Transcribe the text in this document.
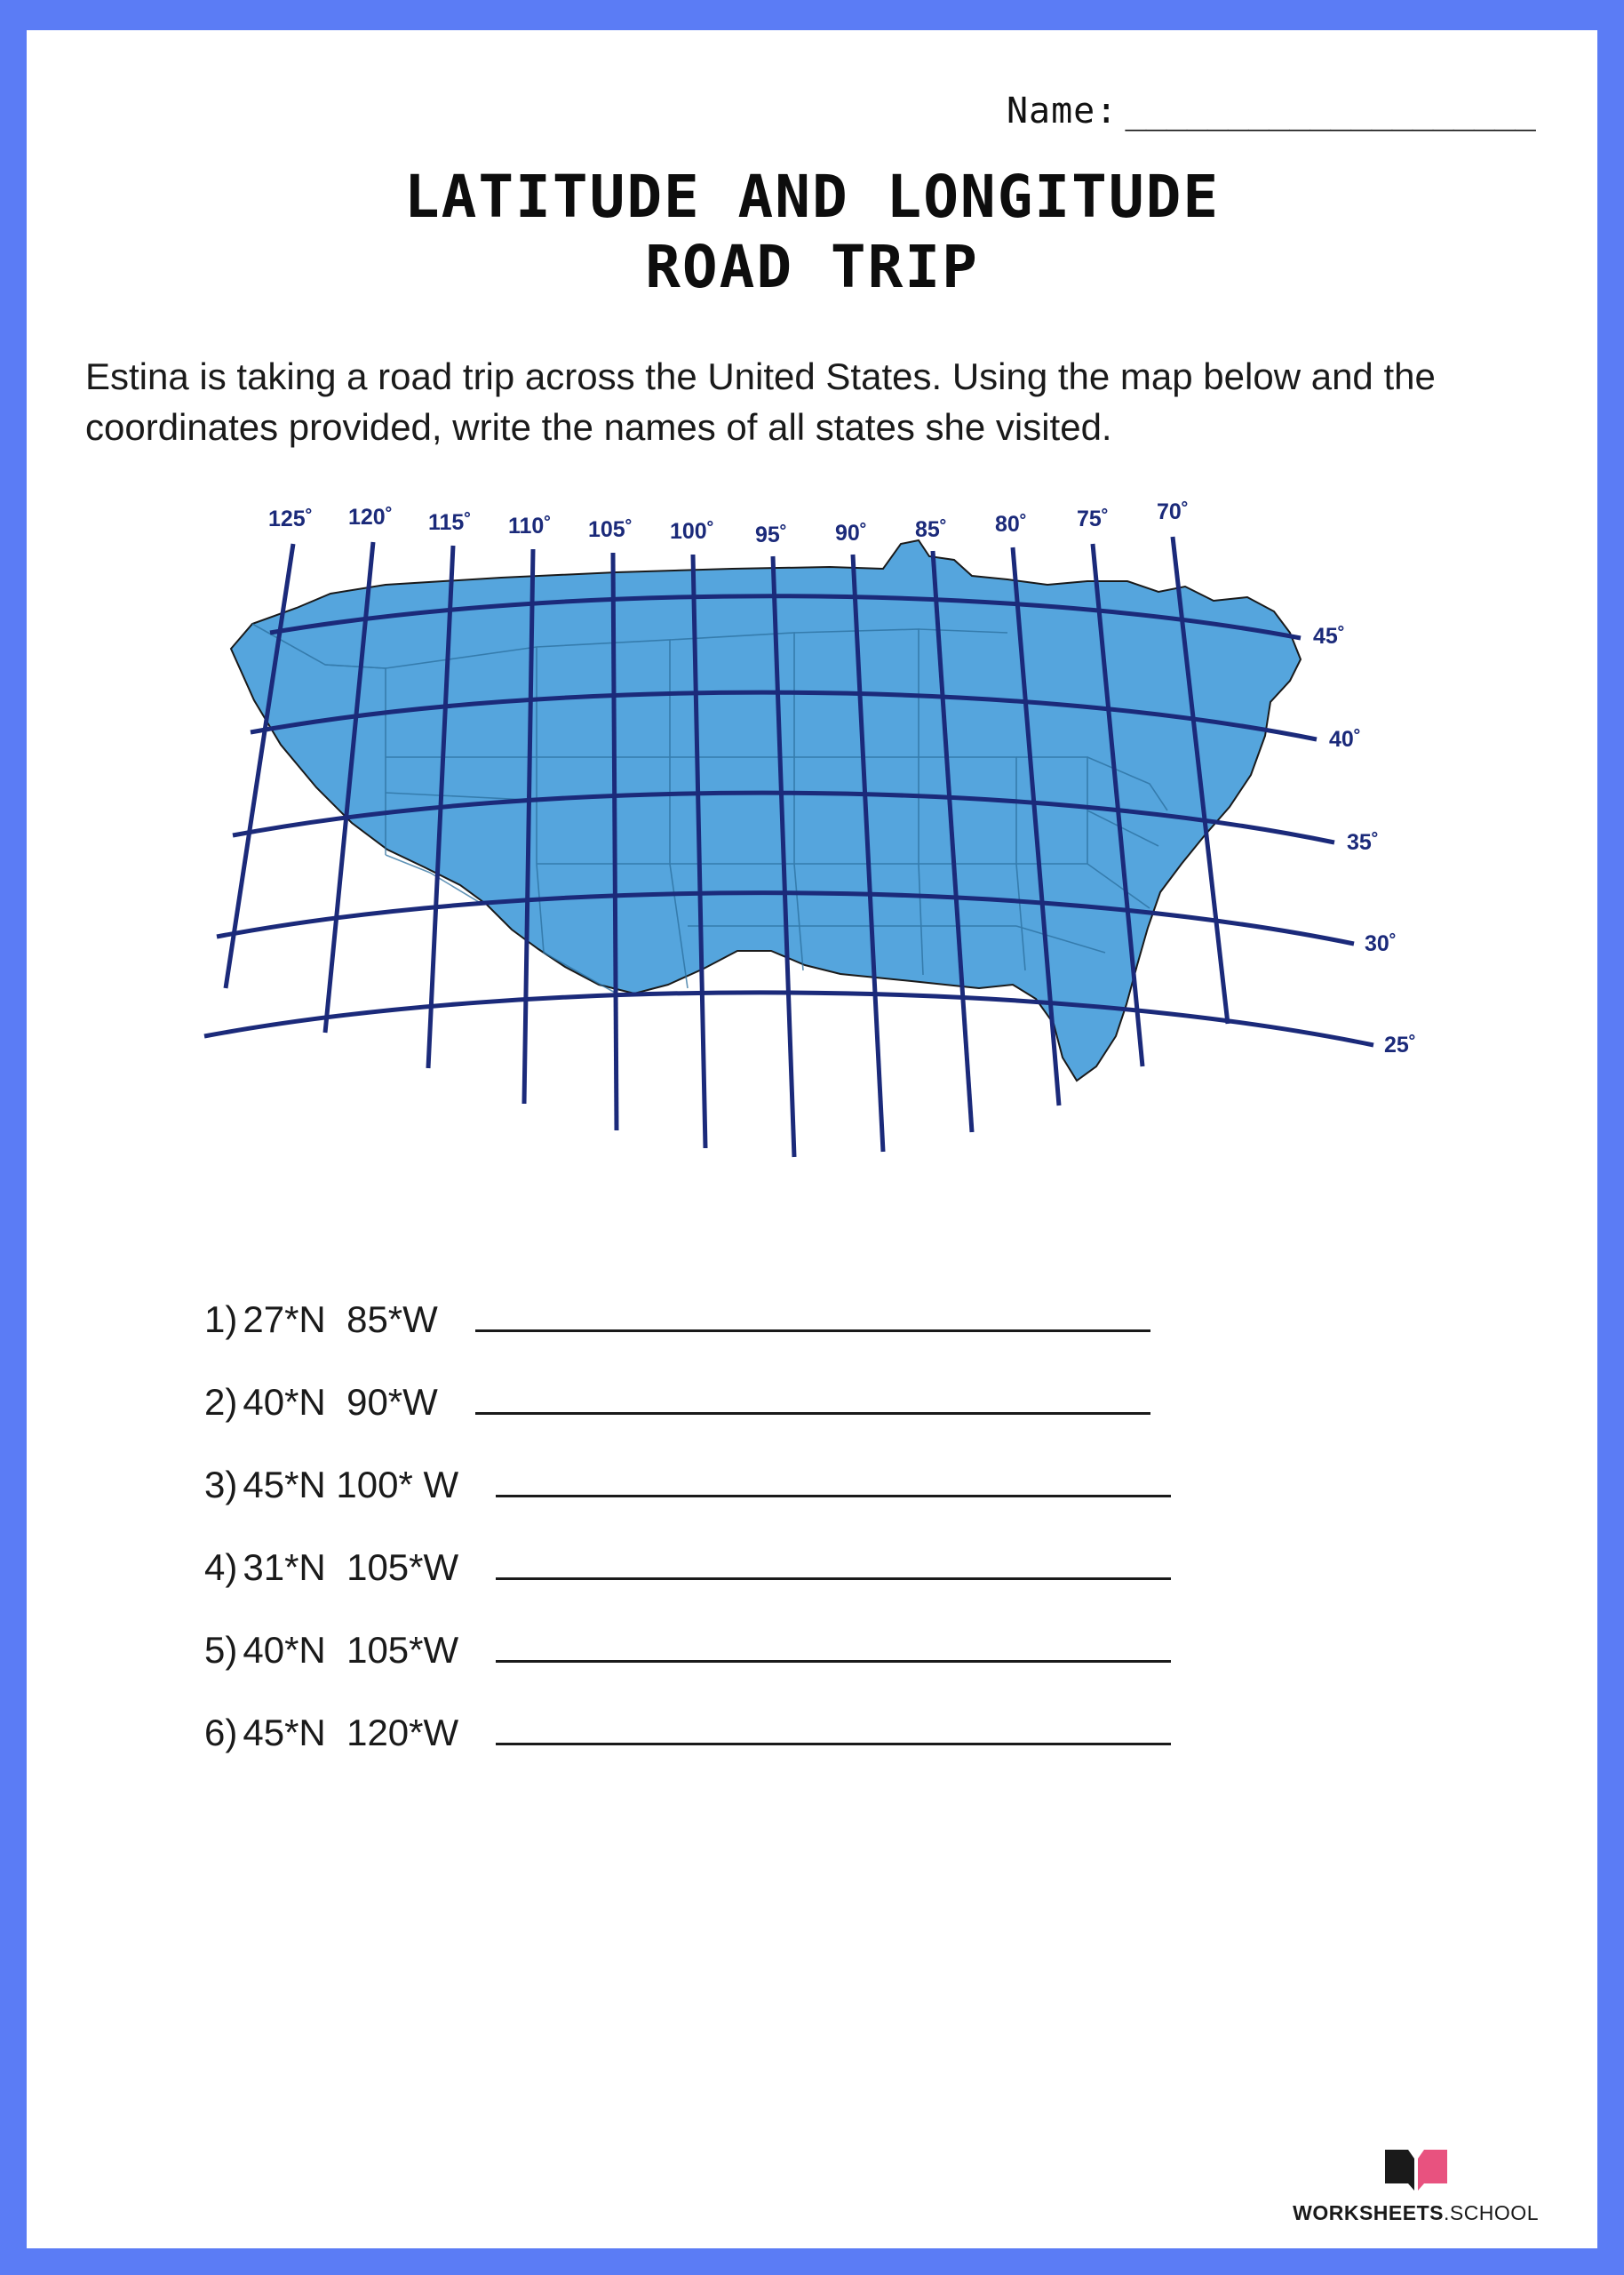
Name: ____________________
LATITUDE AND LONGITUDE
ROAD TRIP
Estina is taking a road trip across the United States. Using the map below and the coordinates provided, write the names of all states she visited.
125˚ 120˚ 115˚ 110˚ 105˚ 100˚ 95˚ 90˚ 85˚ 80˚ 75˚ 70˚
45˚
40˚
35˚
30˚
25˚
1) 27*N  85*W
2) 40*N  90*W
3) 45*N 100* W
4) 31*N  105*W
5) 40*N  105*W
6) 45*N  120*W
WORKSHEETS.SCHOOL
